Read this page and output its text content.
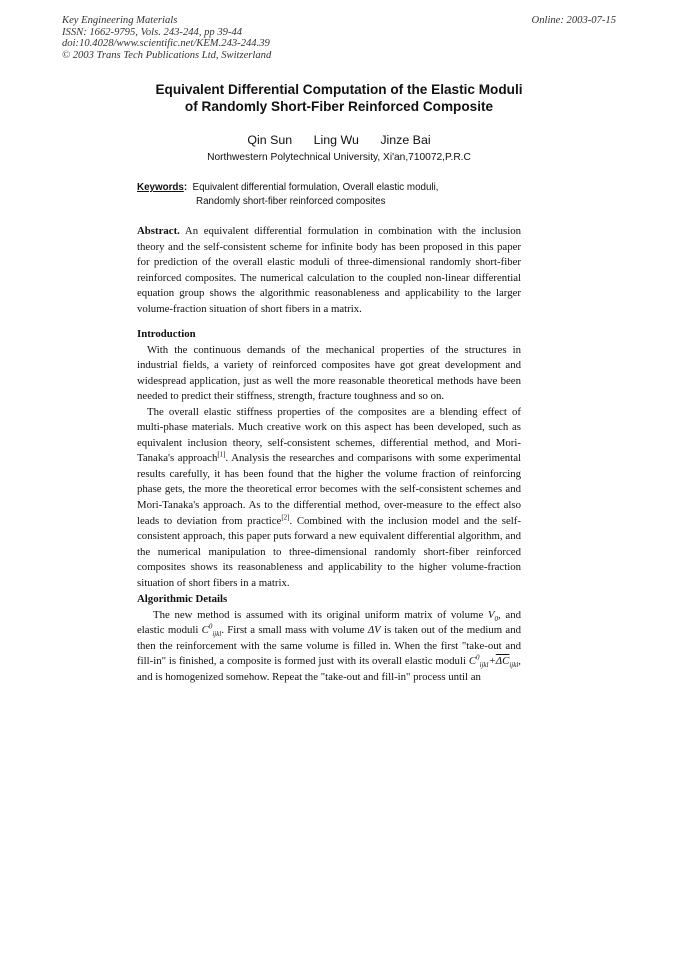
Key Engineering Materials
ISSN: 1662-9795, Vols. 243-244, pp 39-44
doi:10.4028/www.scientific.net/KEM.243-244.39
© 2003 Trans Tech Publications Ltd, Switzerland
Online: 2003-07-15
Equivalent Differential Computation of the Elastic Moduli
of Randomly Short-Fiber Reinforced Composite
Qin Sun Ling Wu Jinze Bai
Northwestern Polytechnical University, Xi'an,710072,P.R.C
Keywords: Equivalent differential formulation, Overall elastic moduli,
Randomly short-fiber reinforced composites

Abstract. An equivalent differential formulation in combination with the inclusion theory and the self-consistent scheme for infinite body has been proposed in this paper for prediction of the overall elastic moduli of three-dimensional randomly short-fiber reinforced composites. The numerical calculation to the coupled non-linear differential equation group shows the algorithmic reasonableness and applicability to the larger volume-fraction situation of short fibers in a matrix.

Introduction

With the continuous demands of the mechanical properties of the structures in industrial fields, a variety of reinforced composites have got great development and widespread application, just as well the more reasonable theoretical methods have been needed to predict their stiffness, strength, fracture toughness and so on.

The overall elastic stiffness properties of the composites are a blending effect of multi-phase materials. Much creative work on this aspect has been developed, such as equivalent inclusion theory, self-consistent schemes, differential method, and Mori-Tanaka's approach[1]. Analysis the researches and comparisons with some experimental results carefully, it has been found that the higher the volume fraction of reinforcing phase gets, the more the theoretical error becomes with the self-consistent schemes and Mori-Tanaka's approach. As to the differential method, over-measure to the effect also leads to deviation from practice[2]. Combined with the inclusion model and the self-consistent approach, this paper puts forward a new equivalent differential algorithm, and the numerical manipulation to three-dimensional randomly short-fiber reinforced composites shows its reasonableness and applicability to the higher volume-fraction situation of short fibers in a matrix.

Algorithmic Details

The new method is assumed with its original uniform matrix of volume $V_0$, and elastic moduli $C^0_{ijkl}$. First a small mass with volume ΔV is taken out of the medium and then the reinforcement with the same volume is filled in. When the first "take-out and fill-in" is finished, a composite is formed just with its overall elastic moduli $C^0_{ijkl}+\overline{\Delta C}_{ijkl}$, and is homogenized somehow. Repeat the "take-out and fill-in" process until an
